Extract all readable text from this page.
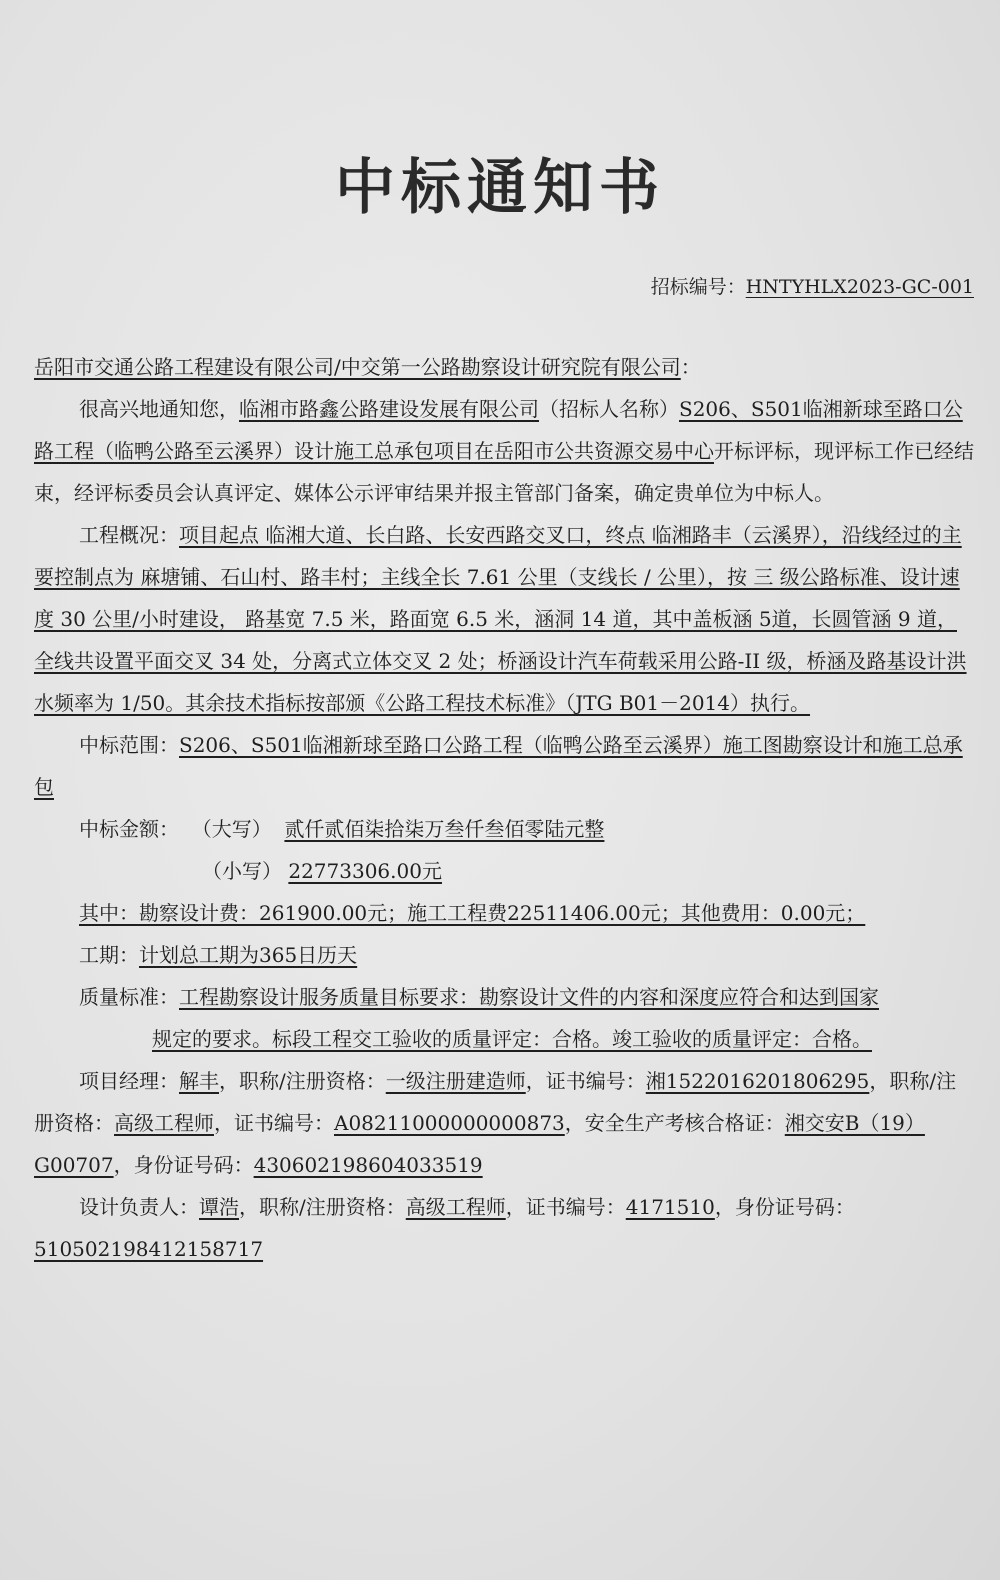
中标通知书
招标编号：HNTYHLX2023-GC-001

岳阳市交通公路工程建设有限公司/中交第一公路勘察设计研究院有限公司：

很高兴地通知您，临湘市路鑫公路建设发展有限公司（招标人名称）S206、S501临湘新球至路口公路工程（临鸭公路至云溪界）设计施工总承包项目在岳阳市公共资源交易中心开标评标，现评标工作已经结束，经评标委员会认真评定、媒体公示评审结果并报主管部门备案，确定贵单位为中标人。

工程概况：项目起点 临湘大道、长白路、长安西路交叉口，终点 临湘路丰（云溪界），沿线经过的主要控制点为 麻塘铺、石山村、路丰村；主线全长 7.61 公里（支线长 / 公里），按 三 级公路标准、设计速度 30 公里/小时建设， 路基宽 7.5 米，路面宽 6.5 米，涵洞 14 道，其中盖板涵 5道，长圆管涵 9 道，全线共设置平面交叉 34 处，分离式立体交叉 2 处；桥涵设计汽车荷载采用公路-II 级，桥涵及路基设计洪水频率为 1/50。其余技术指标按部颁《公路工程技术标准》（JTG B01－2014）执行。

中标范围：S206、S501临湘新球至路口公路工程（临鸭公路至云溪界）施工图勘察设计和施工总承包

中标金额： （大写） 贰仟贰佰柒拾柒万叁仟叁佰零陆元整

（小写） 22773306.00元

其中：勘察设计费：261900.00元；施工工程费22511406.00元；其他费用：0.00元；

工期：计划总工期为365日历天

质量标准：工程勘察设计服务质量目标要求：勘察设计文件的内容和深度应符合和达到国家

规定的要求。标段工程交工验收的质量评定：合格。竣工验收的质量评定：合格。

项目经理：解丰，职称/注册资格：一级注册建造师，证书编号：湘1522016201806295，职称/注册资格：高级工程师，证书编号：A08211000000000873，安全生产考核合格证：湘交安B（19）G00707，身份证号码：430602198604033519

设计负责人：谭浩，职称/注册资格：高级工程师，证书编号：4171510，身份证号码：510502198412158717
